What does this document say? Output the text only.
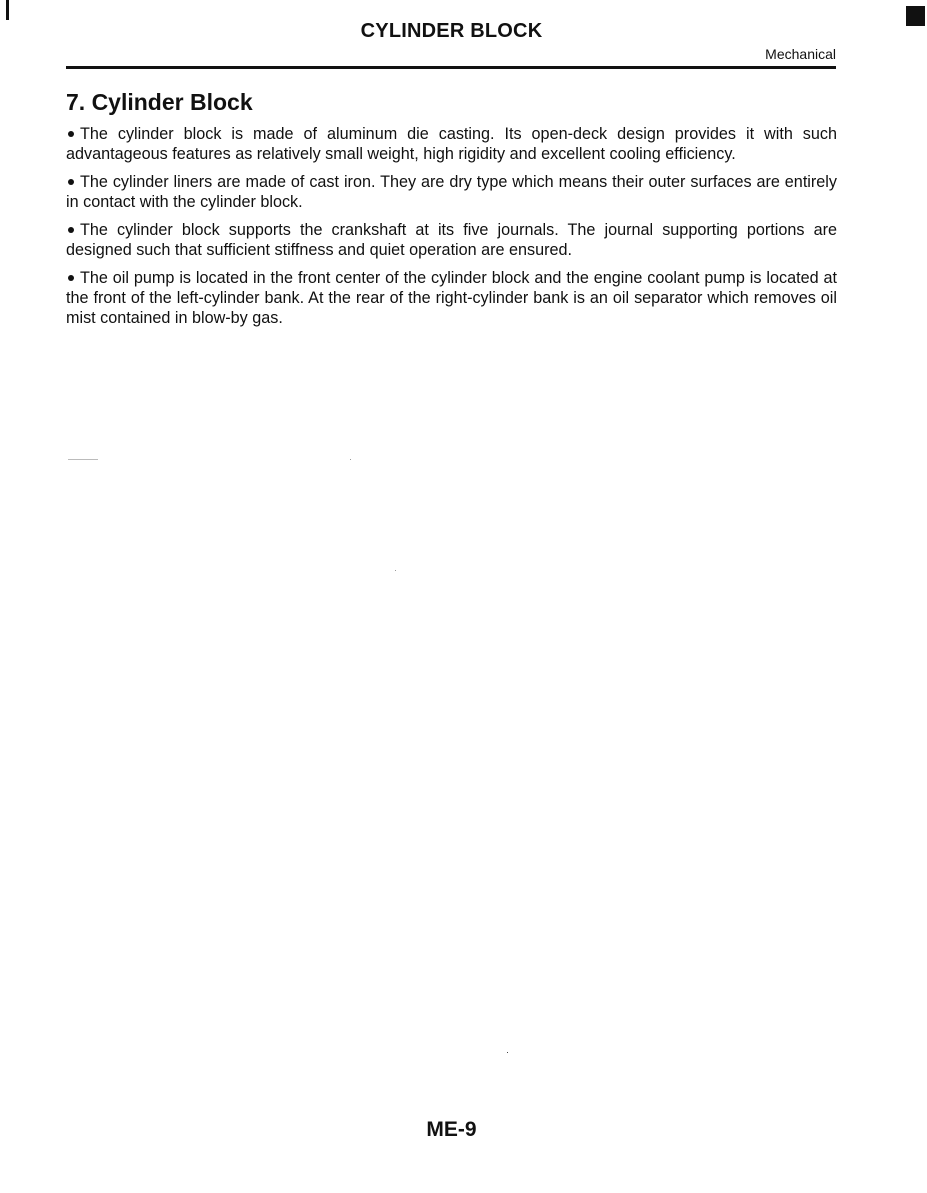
CYLINDER BLOCK
Mechanical
7. Cylinder Block

The cylinder block is made of aluminum die casting. Its open-deck design provides it with such advantageous features as relatively small weight, high rigidity and excellent cooling efficiency.

The cylinder liners are made of cast iron. They are dry type which means their outer surfaces are entirely in contact with the cylinder block.

The cylinder block supports the crankshaft at its five journals. The journal supporting portions are designed such that sufficient stiffness and quiet operation are ensured.

The oil pump is located in the front center of the cylinder block and the engine coolant pump is located at the front of the left-cylinder bank. At the rear of the right-cylinder bank is an oil separator which removes oil mist contained in blow-by gas.

ME-9
